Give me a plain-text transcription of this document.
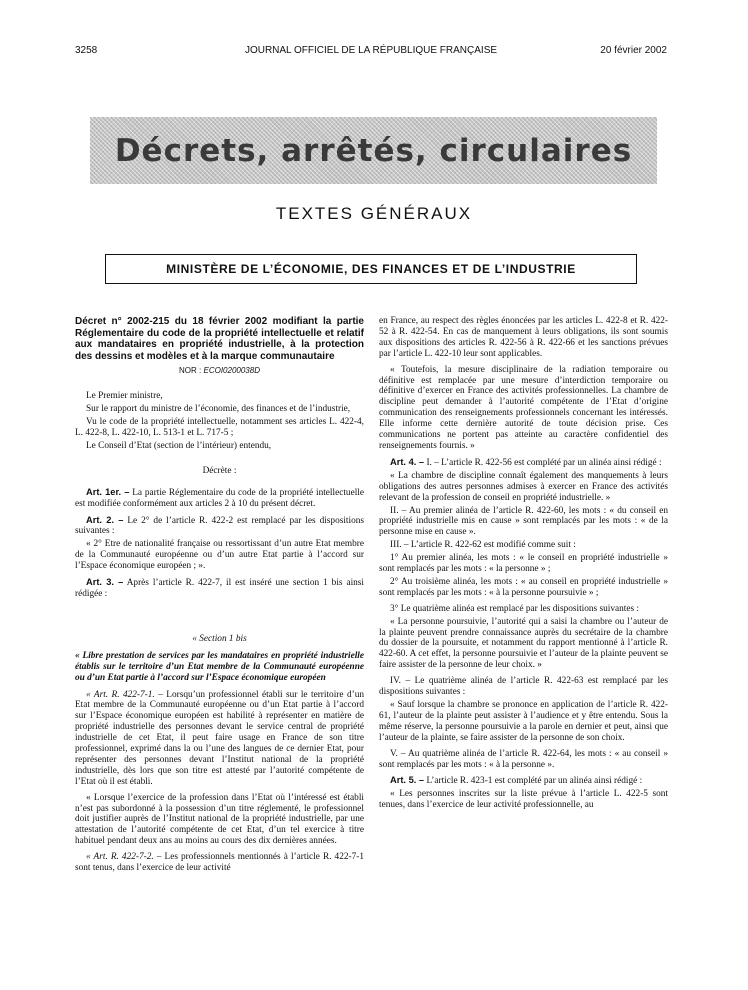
3258	JOURNAL OFFICIEL DE LA RÉPUBLIQUE FRANÇAISE	20 février 2002
Décrets, arrêtés, circulaires
TEXTES GÉNÉRAUX
MINISTÈRE DE L’ÉCONOMIE, DES FINANCES ET DE L’INDUSTRIE
Décret n° 2002-215 du 18 février 2002 modifiant la partie Réglementaire du code de la propriété intellectuelle et relatif aux mandataires en propriété industrielle, à la protection des dessins et modèles et à la marque communautaire
NOR : ECOI0200038D

Le Premier ministre,

Sur le rapport du ministre de l’économie, des finances et de l’industrie,

Vu le code de la propriété intellectuelle, notamment ses articles L. 422-4, L. 422-8, L. 422-10, L. 513-1 et L. 717-5 ;

Le Conseil d’Etat (section de l’intérieur) entendu,

Décrète :

Art. 1er. – La partie Réglementaire du code de la propriété intellectuelle est modifiée conformément aux articles 2 à 10 du présent décret.

Art. 2. – Le 2° de l’article R. 422-2 est remplacé par les dispositions suivantes :

« 2° Etre de nationalité française ou ressortissant d’un autre Etat membre de la Communauté européenne ou d’un autre Etat partie à l’accord sur l’Espace économique européen ; ».

Art. 3. – Après l’article R. 422-7, il est inséré une section 1 bis ainsi rédigée :

« Section 1 bis

« Libre prestation de services par les mandataires en propriété industrielle établis sur le territoire d’un Etat membre de la Communauté européenne ou d’un Etat partie à l’accord sur l’Espace économique européen

« Art. R. 422-7-1. – Lorsqu’un professionnel établi sur le territoire d’un Etat membre de la Communauté européenne ou d’un Etat partie à l’accord sur l’Espace économique européen est habilité à représenter en matière de propriété industrielle des personnes devant le service central de propriété industrielle de cet Etat, il peut faire usage en France de son titre professionnel, exprimé dans la ou l’une des langues de ce dernier Etat, pour représenter des personnes devant l’Institut national de la propriété industrielle, dès lors que son titre est attesté par l’autorité compétente de l’Etat où il est établi.

« Lorsque l’exercice de la profession dans l’Etat où l’intéressé est établi n’est pas subordonné à la possession d’un titre réglementé, le professionnel doit justifier auprès de l’Institut national de la propriété industrielle, par une attestation de l’autorité compétente de cet Etat, d’un tel exercice à titre habituel pendant deux ans au moins au cours des dix dernières années.

« Art. R. 422-7-2. – Les professionnels mentionnés à l’article R. 422-7-1 sont tenus, dans l’exercice de leur activité

en France, au respect des règles énoncées par les articles L. 422-8 et R. 422-52 à R. 422-54. En cas de manquement à leurs obligations, ils sont soumis aux dispositions des articles R. 422-56 à R. 422-66 et les sanctions prévues par l’article L. 422-10 leur sont applicables.

« Toutefois, la mesure disciplinaire de la radiation temporaire ou définitive est remplacée par une mesure d’interdiction temporaire ou définitive d’exercer en France des activités professionnelles. La chambre de discipline peut demander à l’autorité compétente de l’Etat d’origine communication des renseignements professionnels concernant les intéressés. Elle informe cette dernière autorité de toute décision prise. Ces communications ne portent pas atteinte au caractère confidentiel des renseignements fournis. »

Art. 4. – I. – L’article R. 422-56 est complété par un alinéa ainsi rédigé :

« La chambre de discipline connaît également des manquements à leurs obligations des autres personnes admises à exercer en France des activités relevant de la profession de conseil en propriété industrielle. »

II. – Au premier alinéa de l’article R. 422-60, les mots : « du conseil en propriété industrielle mis en cause » sont remplacés par les mots : « de la personne mise en cause ».

III. – L’article R. 422-62 est modifié comme suit :

1° Au premier alinéa, les mots : « le conseil en propriété industrielle » sont remplacés par les mots : « la personne » ;

2° Au troisième alinéa, les mots : « au conseil en propriété industrielle » sont remplacés par les mots : « à la personne poursuivie » ;

3° Le quatrième alinéa est remplacé par les dispositions suivantes :

« La personne poursuivie, l’autorité qui a saisi la chambre ou l’auteur de la plainte peuvent prendre connaissance auprès du secrétaire de la chambre du dossier de la poursuite, et notamment du rapport mentionné à l’article R. 422-60. A cet effet, la personne poursuivie et l’auteur de la plainte peuvent se faire assister de la personne de leur choix. »

IV. – Le quatrième alinéa de l’article R. 422-63 est remplacé par les dispositions suivantes :

« Sauf lorsque la chambre se prononce en application de l’article R. 422-61, l’auteur de la plainte peut assister à l’audience et y être entendu. Sous la même réserve, la personne poursuivie a la parole en dernier et peut, ainsi que l’auteur de la plainte, se faire assister de la personne de son choix.

V. – Au quatrième alinéa de l’article R. 422-64, les mots : « au conseil » sont remplacés par les mots : « à la personne ».

Art. 5. – L’article R. 423-1 est complété par un alinéa ainsi rédigé :

« Les personnes inscrites sur la liste prévue à l’article L. 422-5 sont tenues, dans l’exercice de leur activité professionnelle, au
